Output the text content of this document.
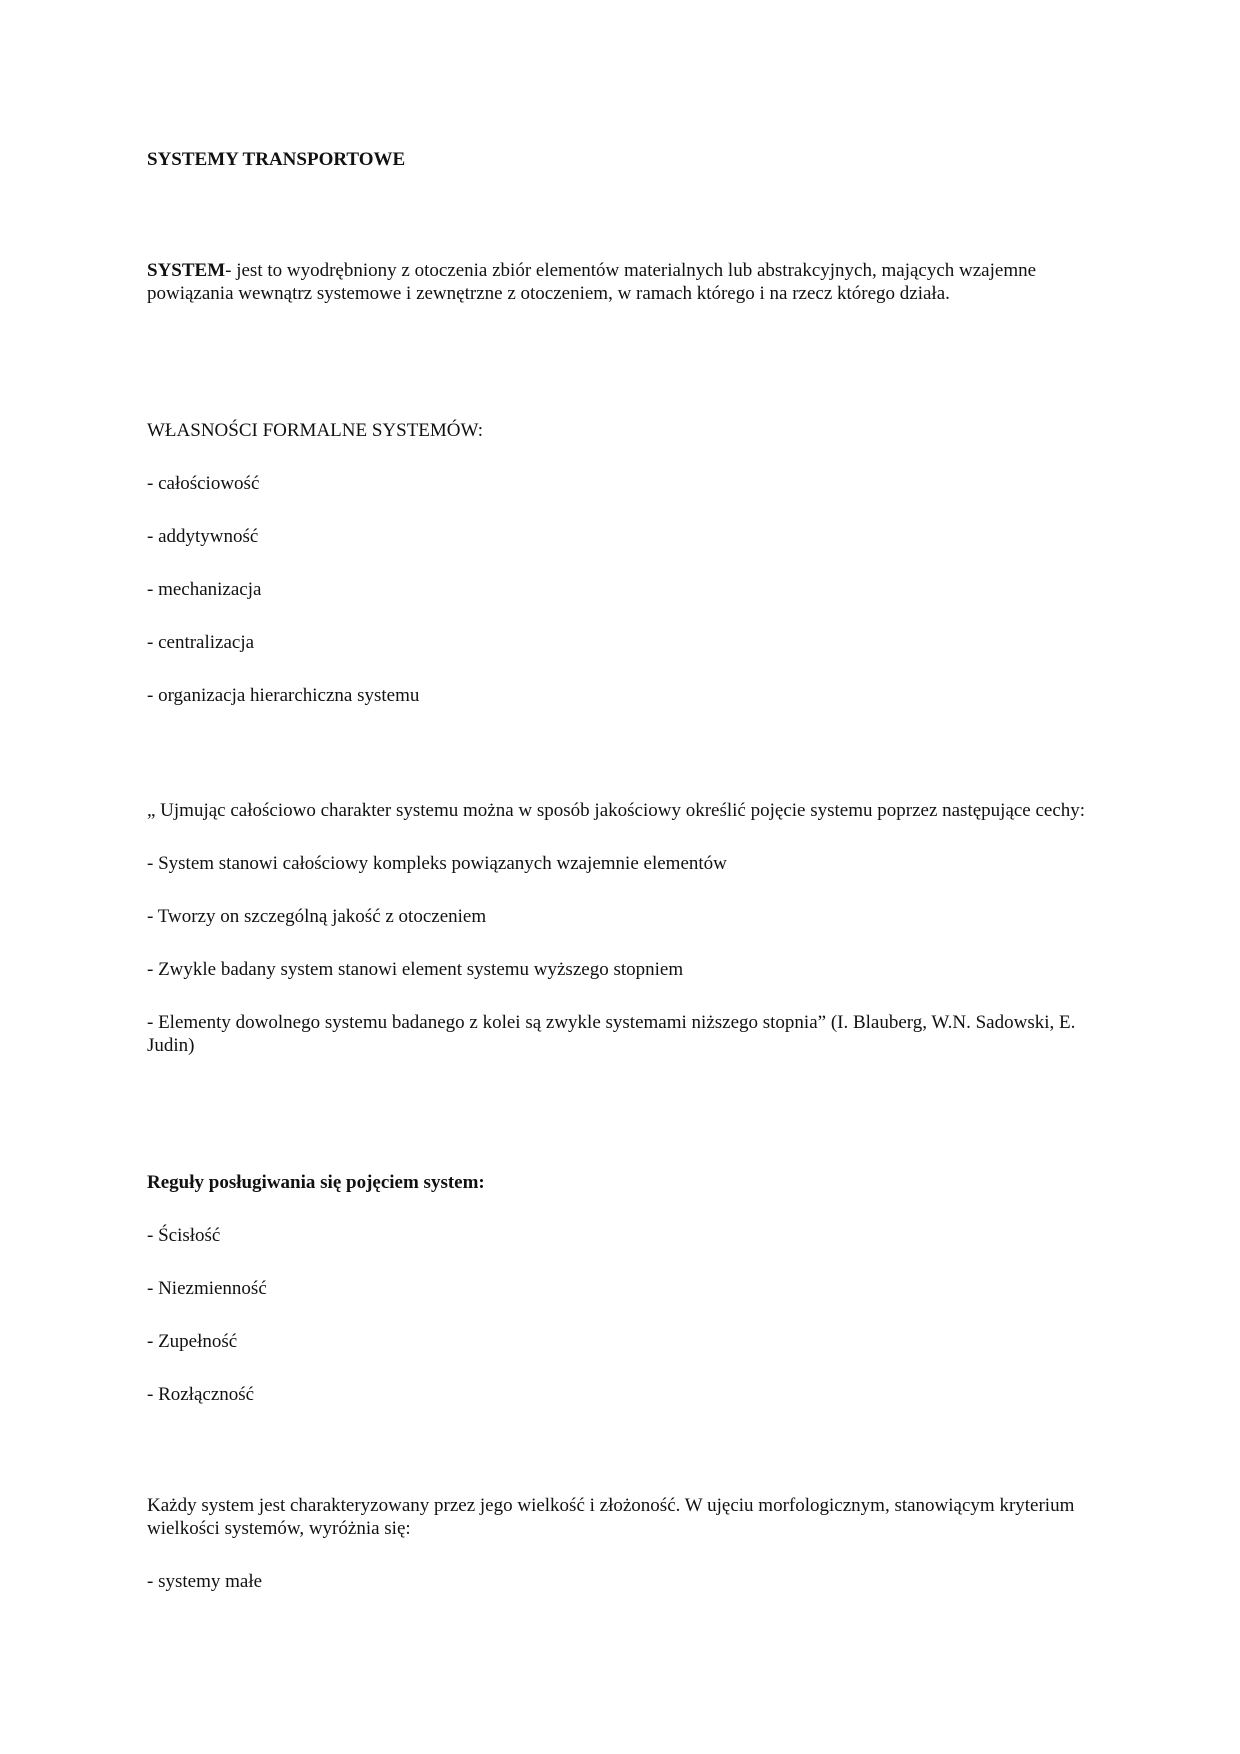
SYSTEMY TRANSPORTOWE
SYSTEM- jest to wyodrębniony z otoczenia zbiór elementów materialnych lub abstrakcyjnych, mających wzajemne powiązania wewnątrz systemowe i zewnętrzne z otoczeniem, w ramach którego i na rzecz którego działa.
WŁASNOŚCI FORMALNE SYSTEMÓW:
- całościowość
- addytywność
- mechanizacja
- centralizacja
- organizacja hierarchiczna systemu
„ Ujmując całościowo charakter systemu można w sposób jakościowy określić pojęcie systemu poprzez następujące cechy:
- System stanowi całościowy kompleks powiązanych wzajemnie elementów
- Tworzy on szczególną jakość z otoczeniem
- Zwykle badany system stanowi element systemu wyższego stopniem
- Elementy dowolnego systemu badanego z kolei są zwykle systemami niższego stopnia” (I. Blauberg, W.N. Sadowski, E. Judin)
Reguły posługiwania się pojęciem system:
- Ścisłość
- Niezmienność
- Zupełność
- Rozłączność
Każdy system jest charakteryzowany przez jego wielkość i złożoność. W ujęciu morfologicznym, stanowiącym kryterium wielkości systemów, wyróżnia się:
- systemy małe
